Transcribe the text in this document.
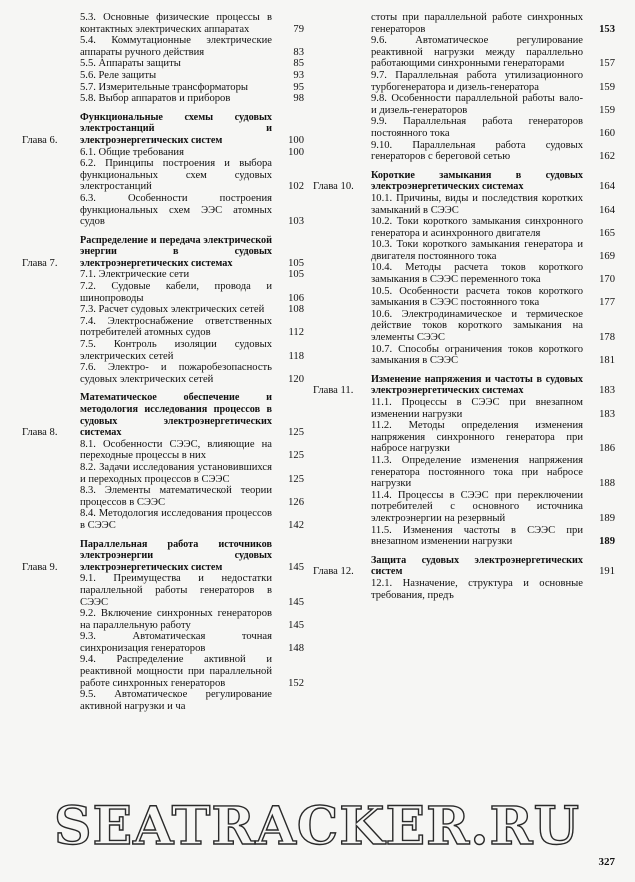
5.3. Основные физические процессы в контактных электрических аппаратах	79
5.4. Коммутационные электрические аппараты ручного действия	83
5.5. Аппараты защиты	85
5.6. Реле защиты	93
5.7. Измерительные трансформаторы	95
5.8. Выбор аппаратов и приборов	98
Глава 6.
Функциональные схемы судовых электростанций и электроэнергетических систем	100
6.1. Общие требования	100
6.2. Принципы построения и выбора функциональных схем судовых электростанций	102
6.3. Особенности построения функциональных схем ЭЭС атомных судов	103
Глава 7.
Распределение и передача электрической энергии в судовых электроэнергетических системах	105
7.1. Электрические сети	105
7.2. Судовые кабели, провода и шинопроводы	106
7.3. Расчет судовых электрических сетей	108
7.4. Электроснабжение ответственных потребителей атомных судов	112
7.5. Контроль изоляции судовых электрических сетей	118
7.6. Электро- и пожаробезопасность судовых электрических сетей	120
Глава 8.
Математическое обеспечение и методология исследования процессов в судовых электроэнергетических системах	125
8.1. Особенности СЭЭС, влияющие на переходные процессы в них	125
8.2. Задачи исследования установившихся и переходных процессов в СЭЭС	125
8.3. Элементы математической теории процессов в СЭЭС	126
8.4. Методология исследования процессов в СЭЭС	142
Глава 9.
Параллельная работа источников электроэнергии судовых электроэнергетических систем	145
9.1. Преимущества и недостатки параллельной работы генераторов в СЭЭС	145
9.2. Включение синхронных генераторов на параллельную работу	145
9.3. Автоматическая точная синхронизация генераторов	148
9.4. Распределение активной и реактивной мощности при параллельной работе синхронных генераторов	152
9.5. Автоматическое регулирование активной нагрузки и ча
стоты при параллельной работе синхронных генераторов	153
9.6. Автоматическое регулирование реактивной нагрузки между параллельно работающими синхронными генераторами	157
9.7. Параллельная работа утилизационного турбогенератора и дизель-генератора	159
9.8. Особенности параллельной работы вало- и дизель-генераторов	159
9.9. Параллельная работа генераторов постоянного тока	160
9.10. Параллельная работа судовых генераторов с береговой сетью	162
Глава 10.
Короткие замыкания в судовых электроэнергетических системах	164
10.1. Причины, виды и последствия коротких замыканий в СЭЭС	164
10.2. Токи короткого замыкания синхронного генератора и асинхронного двигателя	165
10.3. Токи короткого замыкания генератора и двигателя постоянного тока	169
10.4. Методы расчета токов короткого замыкания в СЭЭС переменного тока	170
10.5. Особенности расчета токов короткого замыкания в СЭЭС постоянного тока	177
10.6. Электродинамическое и термическое действие токов короткого замыкания на элементы СЭЭС	178
10.7. Способы ограничения токов короткого замыкания в СЭЭС	181
Глава 11.
Изменение напряжения и частоты в судовых электроэнергетических системах	183
11.1. Процессы в СЭЭС при внезапном изменении нагрузки	183
11.2. Методы определения изменения напряжения синхронного генератора при набросе нагрузки	186
11.3. Определение изменения напряжения генератора постоянного тока при набросе нагрузки	188
11.4. Процессы в СЭЭС при переключении потребителей с основного источника электроэнергии на резервный	189
11.5. Изменения частоты в СЭЭС при внезапном изменении нагрузки	189
Глава 12.
Защита судовых электроэнергетических систем	191
12.1. Назначение, структура и основные требования, предъ
327
SEATRACKER.RU
